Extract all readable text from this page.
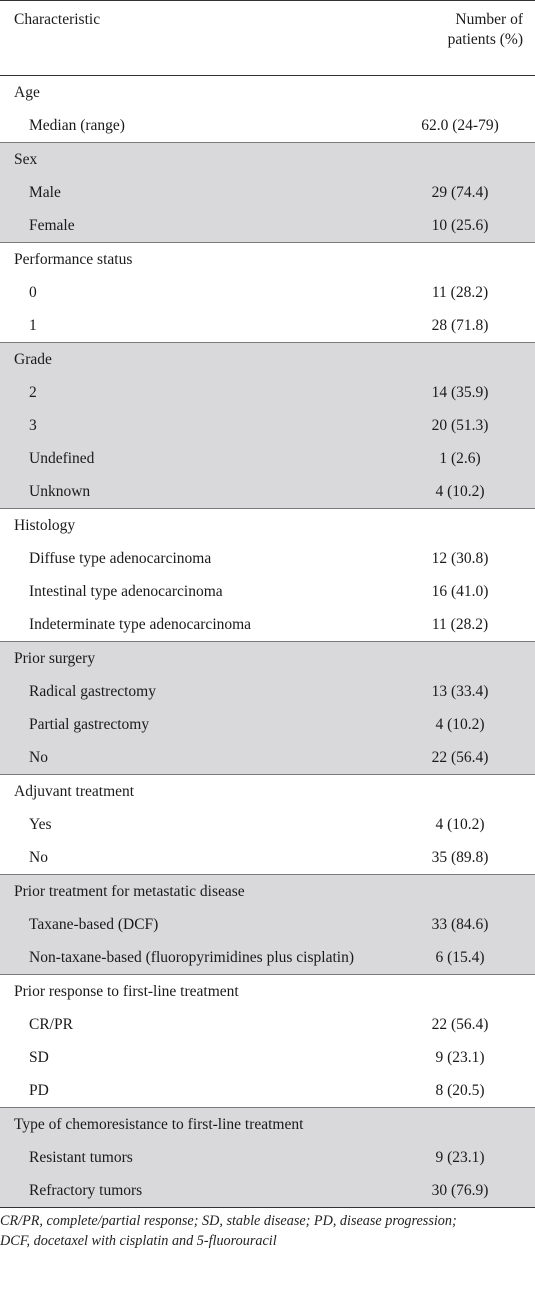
Characteristic	Number of
patients (%)
Age	
Median (range)	62.0 (24-79)
Sex	
Male	29 (74.4)
Female	10 (25.6)
Performance status	
0	11 (28.2)
1	28 (71.8)
Grade	
2	14 (35.9)
3	20 (51.3)
Undefined	1 (2.6)
Unknown	4 (10.2)
Histology	
Diffuse type adenocarcinoma	12 (30.8)
Intestinal type adenocarcinoma	16 (41.0)
Indeterminate type adenocarcinoma	11 (28.2)
Prior surgery	
Radical gastrectomy	13 (33.4)
Partial gastrectomy	4 (10.2)
No	22 (56.4)
Adjuvant treatment	
Yes	4 (10.2)
No	35 (89.8)
Prior treatment for metastatic disease	
Taxane-based (DCF)	33 (84.6)
Non-taxane-based (fluoropyrimidines plus cisplatin)	6 (15.4)
Prior response to first-line treatment	
CR/PR	22 (56.4)
SD	9 (23.1)
PD	8 (20.5)
Type of chemoresistance to first-line treatment	
Resistant tumors	9 (23.1)
Refractory tumors	30 (76.9)
CR/PR, complete/partial response; SD, stable disease; PD, disease progression;
DCF, docetaxel with cisplatin and 5-fluorouracil
